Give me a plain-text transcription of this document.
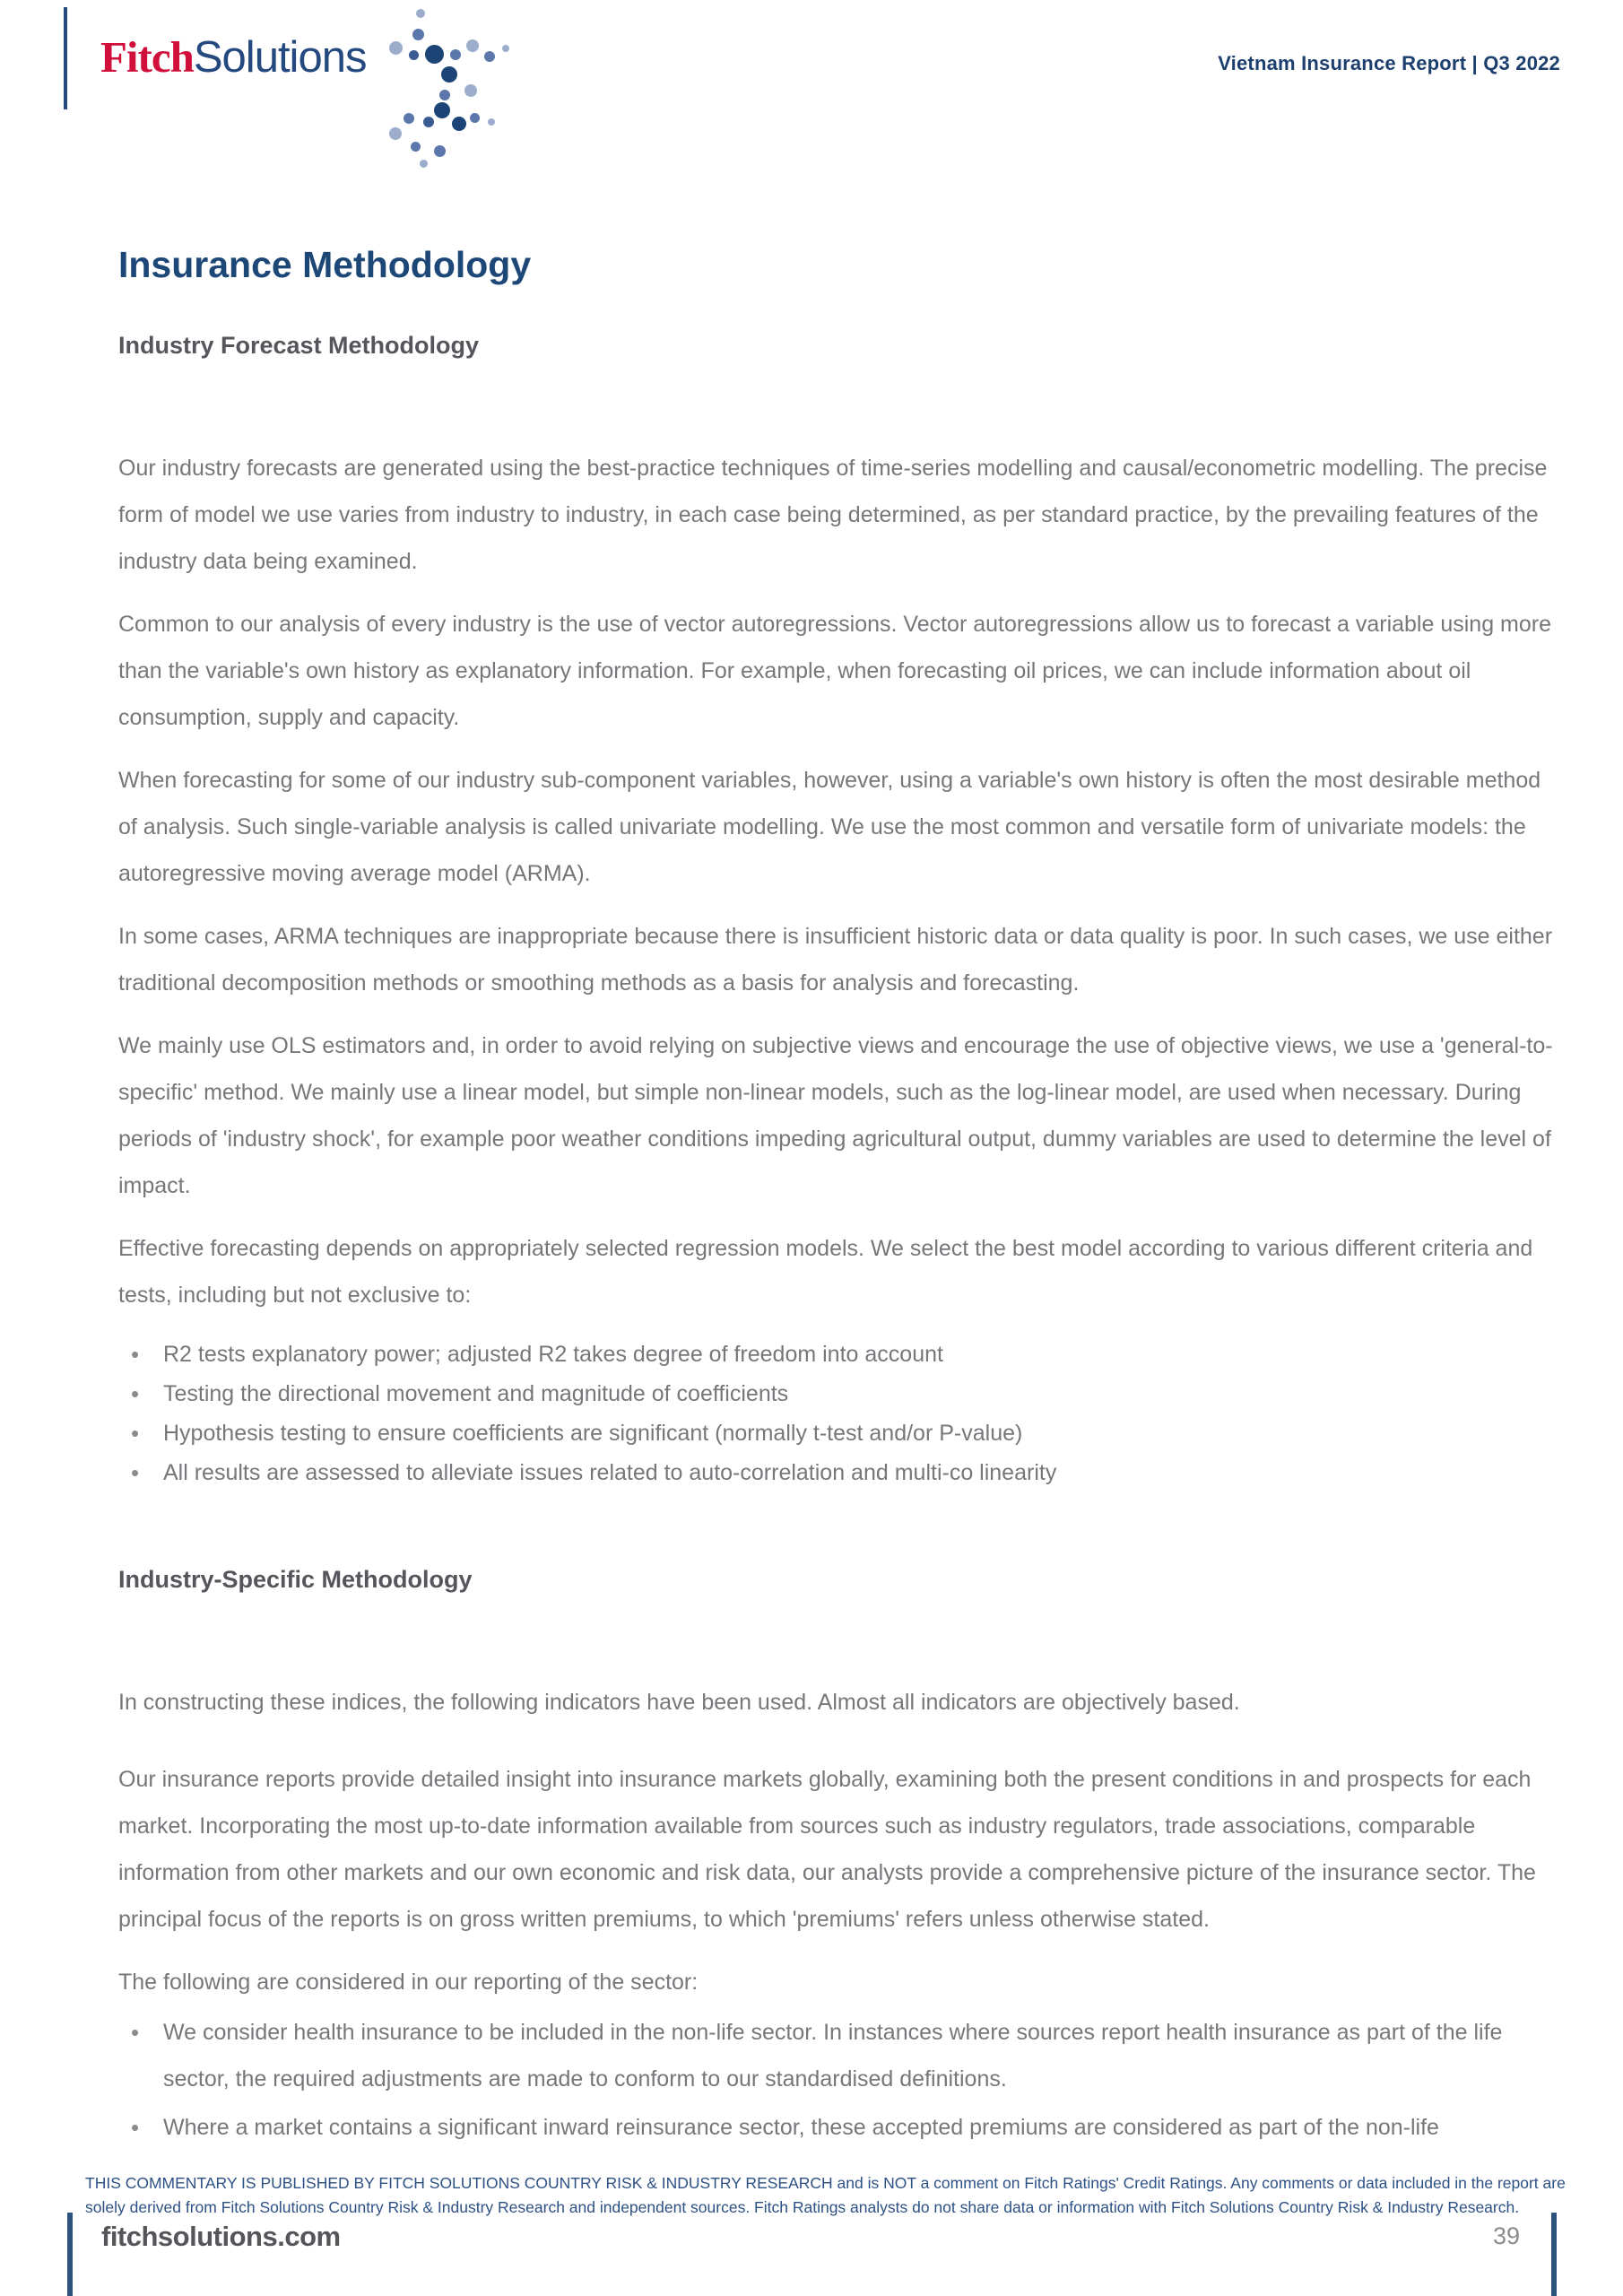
FitchSolutions	Vietnam Insurance Report | Q3 2022
Insurance Methodology
Industry Forecast Methodology

Our industry forecasts are generated using the best-practice techniques of time-series modelling and causal/econometric modelling. The precise form of model we use varies from industry to industry, in each case being determined, as per standard practice, by the prevailing features of the industry data being examined.

Common to our analysis of every industry is the use of vector autoregressions. Vector autoregressions allow us to forecast a variable using more than the variable's own history as explanatory information. For example, when forecasting oil prices, we can include information about oil consumption, supply and capacity.

When forecasting for some of our industry sub-component variables, however, using a variable's own history is often the most desirable method of analysis. Such single-variable analysis is called univariate modelling. We use the most common and versatile form of univariate models: the autoregressive moving average model (ARMA).

In some cases, ARMA techniques are inappropriate because there is insufficient historic data or data quality is poor. In such cases, we use either traditional decomposition methods or smoothing methods as a basis for analysis and forecasting.

We mainly use OLS estimators and, in order to avoid relying on subjective views and encourage the use of objective views, we use a 'general-to-specific' method. We mainly use a linear model, but simple non-linear models, such as the log-linear model, are used when necessary. During periods of 'industry shock', for example poor weather conditions impeding agricultural output, dummy variables are used to determine the level of impact.

Effective forecasting depends on appropriately selected regression models. We select the best model according to various different criteria and tests, including but not exclusive to:

• R2 tests explanatory power; adjusted R2 takes degree of freedom into account
• Testing the directional movement and magnitude of coefficients
• Hypothesis testing to ensure coefficients are significant (normally t-test and/or P-value)
• All results are assessed to alleviate issues related to auto-correlation and multi-co linearity
Industry-Specific Methodology

In constructing these indices, the following indicators have been used. Almost all indicators are objectively based.

Our insurance reports provide detailed insight into insurance markets globally, examining both the present conditions in and prospects for each market. Incorporating the most up-to-date information available from sources such as industry regulators, trade associations, comparable information from other markets and our own economic and risk data, our analysts provide a comprehensive picture of the insurance sector. The principal focus of the reports is on gross written premiums, to which 'premiums' refers unless otherwise stated.

The following are considered in our reporting of the sector:

• We consider health insurance to be included in the non-life sector. In instances where sources report health insurance as part of the life sector, the required adjustments are made to conform to our standardised definitions.
• Where a market contains a significant inward reinsurance sector, these accepted premiums are considered as part of the non-life
THIS COMMENTARY IS PUBLISHED BY FITCH SOLUTIONS COUNTRY RISK & INDUSTRY RESEARCH and is NOT a comment on Fitch Ratings' Credit Ratings. Any comments or data included in the report are solely derived from Fitch Solutions Country Risk & Industry Research and independent sources. Fitch Ratings analysts do not share data or information with Fitch Solutions Country Risk & Industry Research.
fitchsolutions.com	39
